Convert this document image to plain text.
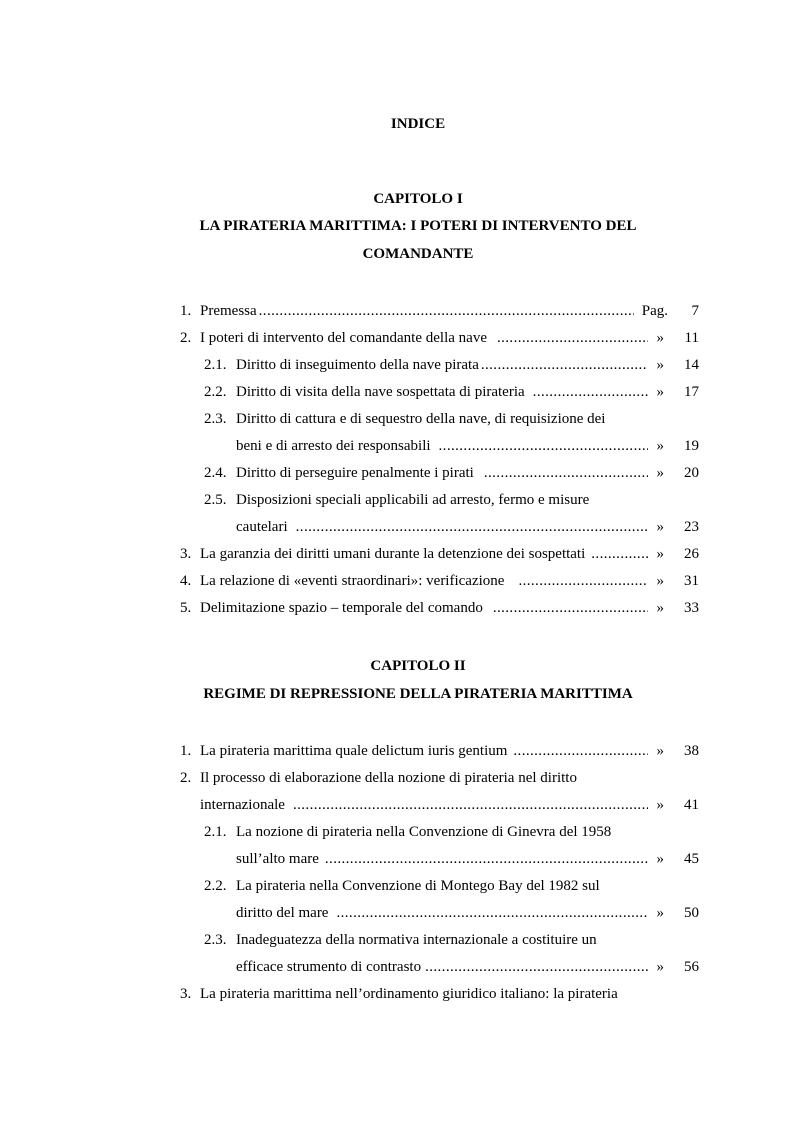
INDICE
CAPITOLO I
LA PIRATERIA MARITTIMA: I POTERI DI INTERVENTO DEL
COMANDANTE
1. Premessa .....	Pag.	7
2. I poteri di intervento del comandante della nave .....	»	11
2.1. Diritto di inseguimento della nave pirata .....	»	14
2.2. Diritto di visita della nave sospettata di pirateria .....	»	17
2.3. Diritto di cattura e di sequestro della nave, di requisizione dei
beni e di arresto dei responsabili .....	»	19
2.4. Diritto di perseguire penalmente i pirati .....	»	20
2.5. Disposizioni speciali applicabili ad arresto, fermo e misure
cautelari .....	»	23
3. La garanzia dei diritti umani durante la detenzione dei sospettati .....	»	26
4. La relazione di «eventi straordinari»: verificazione .....	»	31
5. Delimitazione spazio – temporale del comando .....	»	33
CAPITOLO II
REGIME DI REPRESSIONE DELLA PIRATERIA MARITTIMA
1. La pirateria marittima quale delictum iuris gentium .....	»	38
2. Il processo di elaborazione della nozione di pirateria nel diritto
internazionale .....	»	41
2.1. La nozione di pirateria nella Convenzione di Ginevra del 1958
sull’alto mare .....	»	45
2.2. La pirateria nella Convenzione di Montego Bay del 1982 sul
diritto del mare .....	»	50
2.3. Inadeguatezza della normativa internazionale a costituire un
efficace strumento di contrasto .....	»	56
3. La pirateria marittima nell’ordinamento giuridico italiano: la pirateria
